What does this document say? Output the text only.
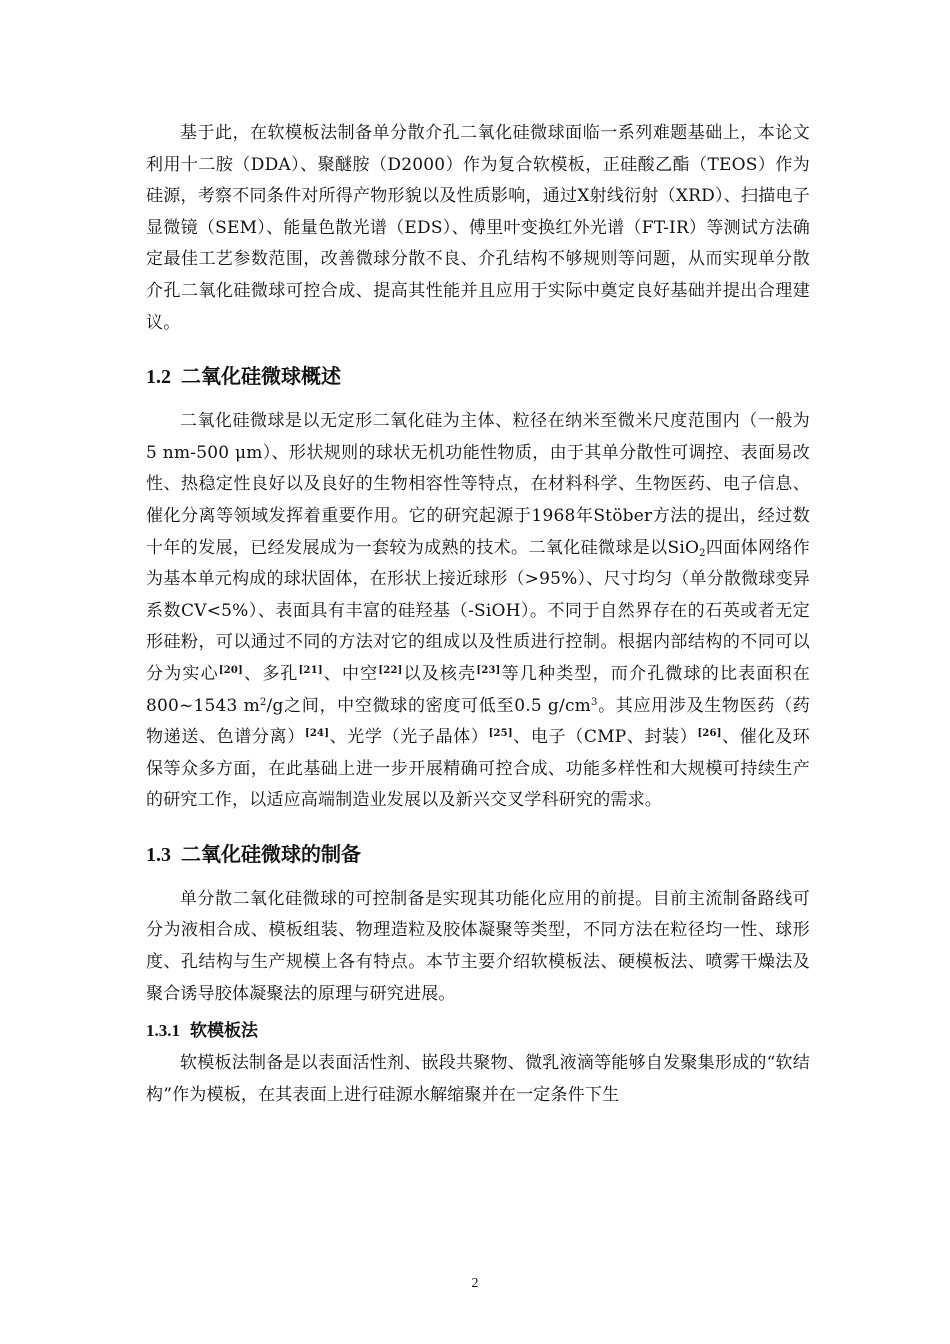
基于此，在软模板法制备单分散介孔二氧化硅微球面临一系列难题基础上，本论文利用十二胺（DDA）、聚醚胺（D2000）作为复合软模板，正硅酸乙酯（TEOS）作为硅源，考察不同条件对所得产物形貌以及性质影响，通过X射线衍射（XRD）、扫描电子显微镜（SEM）、能量色散光谱（EDS）、傅里叶变换红外光谱（FT-IR）等测试方法确定最佳工艺参数范围，改善微球分散不良、介孔结构不够规则等问题，从而实现单分散介孔二氧化硅微球可控合成、提高其性能并且应用于实际中奠定良好基础并提出合理建议。

1.2 二氧化硅微球概述

二氧化硅微球是以无定形二氧化硅为主体、粒径在纳米至微米尺度范围内（一般为5 nm-500 μm）、形状规则的球状无机功能性物质，由于其单分散性可调控、表面易改性、热稳定性良好以及良好的生物相容性等特点，在材料科学、生物医药、电子信息、催化分离等领域发挥着重要作用。它的研究起源于1968年Stöber方法的提出，经过数十年的发展，已经发展成为一套较为成熟的技术。二氧化硅微球是以SiO$_2$四面体网络作为基本单元构成的球状固体，在形状上接近球形（>95%）、尺寸均匀（单分散微球变异系数CV<5%）、表面具有丰富的硅羟基（-SiOH）。不同于自然界存在的石英或者无定形硅粉，可以通过不同的方法对它的组成以及性质进行控制。根据内部结构的不同可以分为实心[20]、多孔[21]、中空[22]以及核壳[23]等几种类型，而介孔微球的比表面积在800~1543 $m^2/g$之间，中空微球的密度可低至0.5 $g/cm^3$。其应用涉及生物医药（药物递送、色谱分离）[24]、光学（光子晶体）[25]、电子（CMP、封装）[26]、催化及环保等众多方面，在此基础上进一步开展精确可控合成、功能多样性和大规模可持续生产的研究工作，以适应高端制造业发展以及新兴交叉学科研究的需求。

1.3 二氧化硅微球的制备

单分散二氧化硅微球的可控制备是实现其功能化应用的前提。目前主流制备路线可分为液相合成、模板组装、物理造粒及胶体凝聚等类型，不同方法在粒径均一性、球形度、孔结构与生产规模上各有特点。本节主要介绍软模板法、硬模板法、喷雾干燥法及聚合诱导胶体凝聚法的原理与研究进展。

1.3.1 软模板法

软模板法制备是以表面活性剂、嵌段共聚物、微乳液滴等能够自发聚集形成的“软结构”作为模板，在其表面上进行硅源水解缩聚并在一定条件下生

2
